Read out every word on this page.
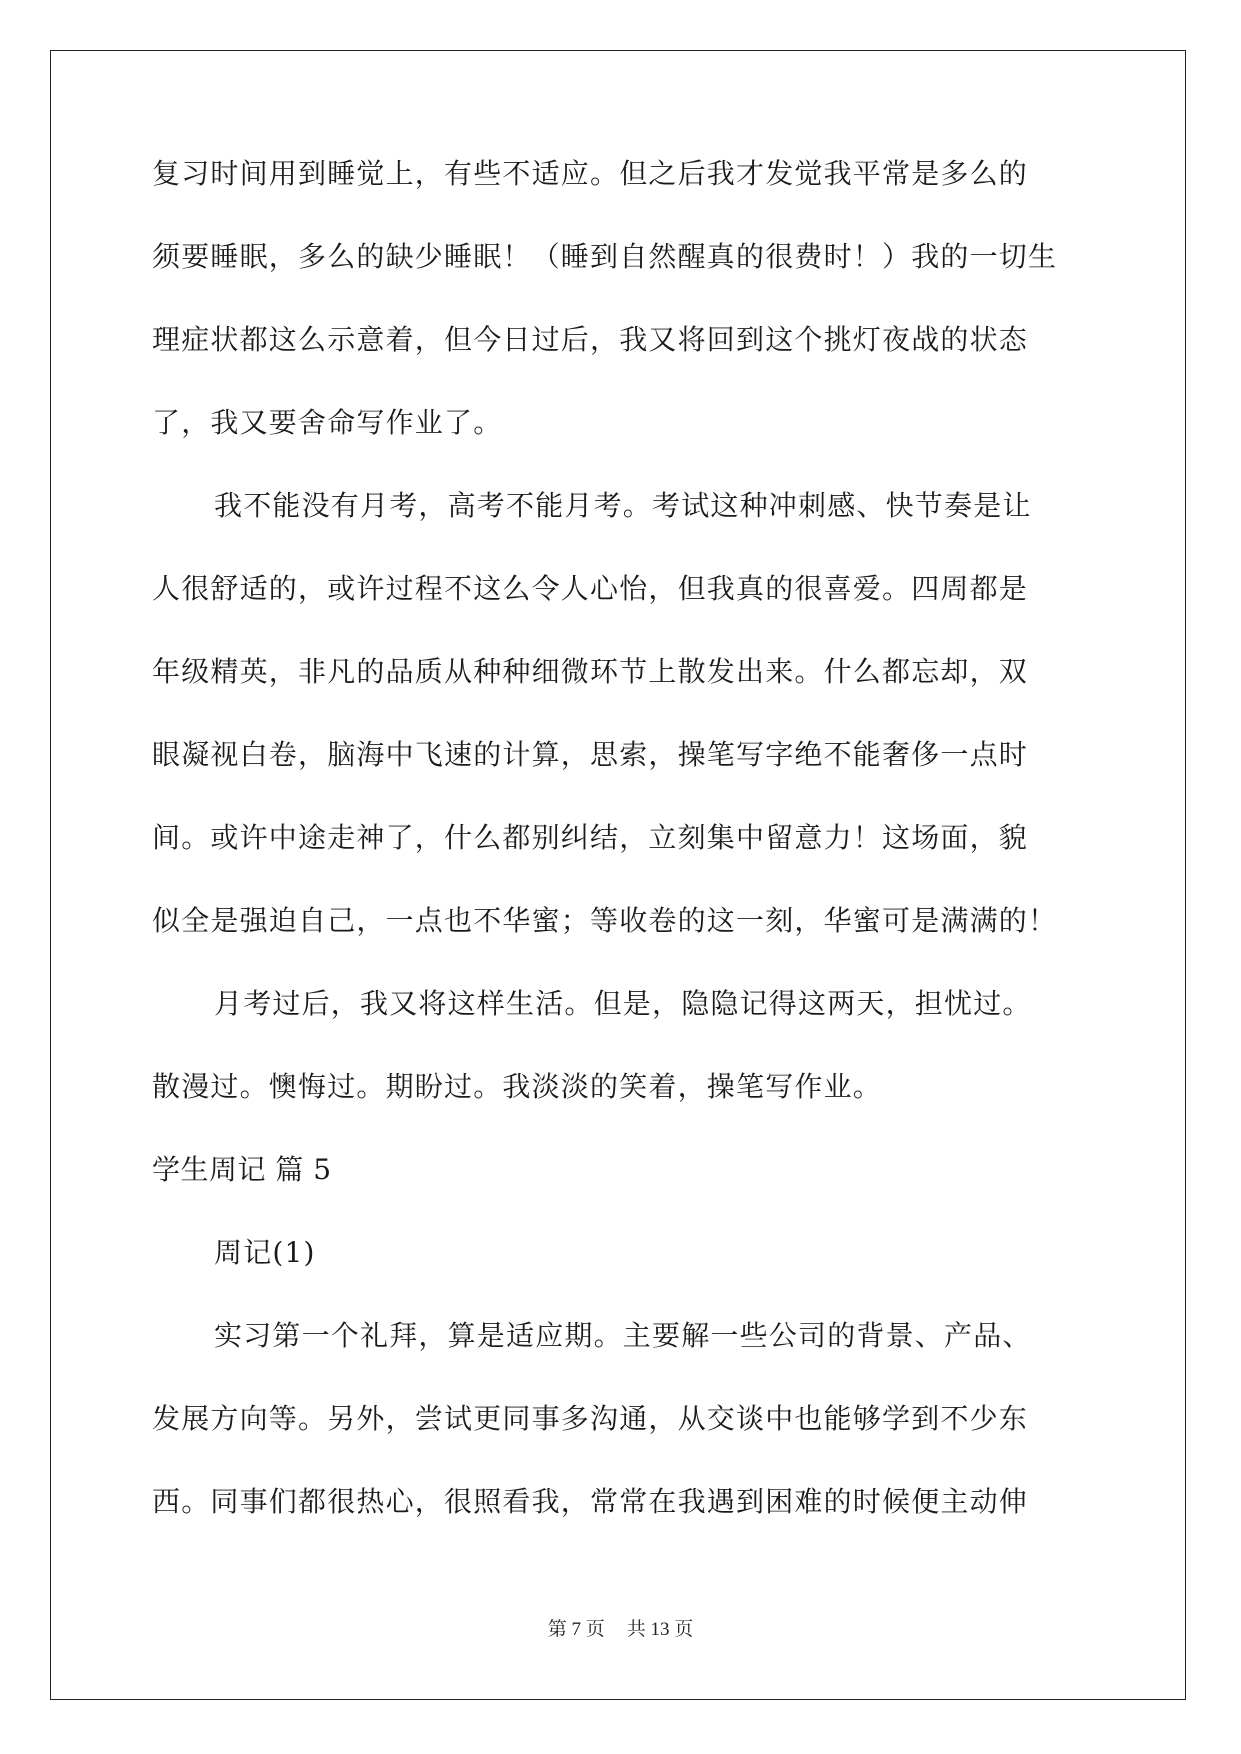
复习时间用到睡觉上，有些不适应。但之后我才发觉我平常是多么的
须要睡眠，多么的缺少睡眠！（睡到自然醒真的很费时！）我的一切生
理症状都这么示意着，但今日过后，我又将回到这个挑灯夜战的状态
了，我又要舍命写作业了。
我不能没有月考，高考不能月考。考试这种冲刺感、快节奏是让
人很舒适的，或许过程不这么令人心怡，但我真的很喜爱。四周都是
年级精英，非凡的品质从种种细微环节上散发出来。什么都忘却，双
眼凝视白卷，脑海中飞速的计算，思索，操笔写字绝不能奢侈一点时
间。或许中途走神了，什么都别纠结，立刻集中留意力！这场面，貌
似全是强迫自己，一点也不华蜜；等收卷的这一刻，华蜜可是满满的！
月考过后，我又将这样生活。但是，隐隐记得这两天，担忧过。
散漫过。懊悔过。期盼过。我淡淡的笑着，操笔写作业。
学生周记 篇 5
周记(1)
实习第一个礼拜，算是适应期。主要解一些公司的背景、产品、
发展方向等。另外，尝试更同事多沟通，从交谈中也能够学到不少东
西。同事们都很热心，很照看我，常常在我遇到困难的时候便主动伸
第 7 页 共 13 页
